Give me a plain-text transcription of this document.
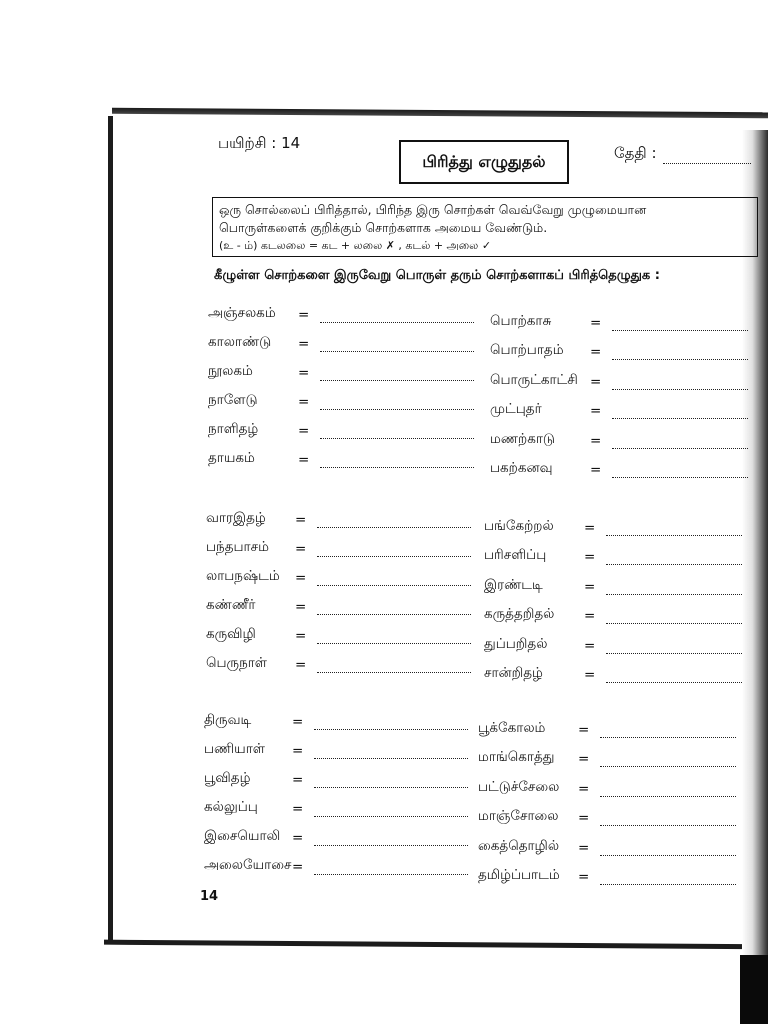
பயிற்சி : 14
பிரித்து எழுதுதல்	தேதி :
ஒரு சொல்லைப் பிரித்தால், பிரிந்த இரு சொற்கள் வெவ்வேறு முழுமையான
பொருள்களைக் குறிக்கும் சொற்களாக அமைய வேண்டும்.
(உ - ம்) கடலலை = கட + லலை ✗ , கடல் + அலை ✓
கீழுள்ள சொற்களை இருவேறு பொருள் தரும் சொற்களாகப் பிரித்தெழுதுக :
அஞ்சலகம்	=
காலாண்டு	=
நூலகம்	=
நாளேடு	=
நாளிதழ்	=
தாயகம்	=
பொற்காசு	=
பொற்பாதம்	=
பொருட்காட்சி =
முட்புதர்	=
மணற்காடு	=
பகற்கனவு	=
வாரஇதழ்	=
பந்தபாசம்	=
லாபநஷ்டம்	=
கண்ணீர்	=
கருவிழி	=
பெருநாள்	=
பங்கேற்றல்	=
பரிசளிப்பு	=
இரண்டடி	=
கருத்தறிதல்	=
துப்பறிதல்	=
சான்றிதழ்	=
திருவடி	=
பணியாள்	=
பூவிதழ்	=
கல்லுப்பு	=
இசையொலி =
அலையோசை =
பூக்கோலம்	=
மாங்கொத்து	=
பட்டுச்சேலை	=
மாஞ்சோலை	=
கைத்தொழில்	=
தமிழ்ப்பாடம்	=
14
